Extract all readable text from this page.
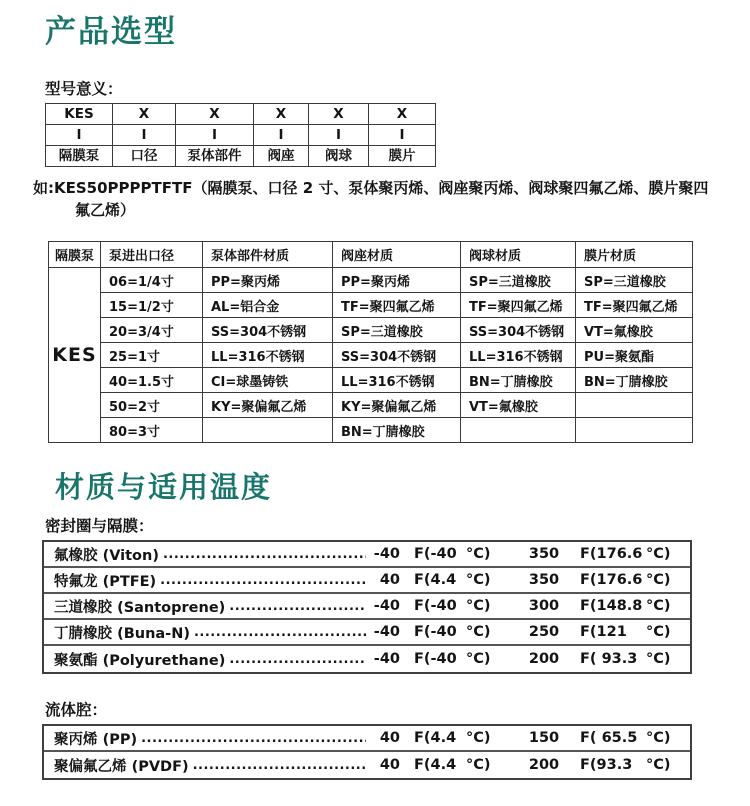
产品选型
型号意义：
KES	X	X	X	X	X
I	I	I	I	I	I
隔膜泵	口径	泵体部件	阀座	阀球	膜片
如:KES50PPPPTFTF（隔膜泵、口径 2 寸、泵体聚丙烯、阀座聚丙烯、阀球聚四氟乙烯、膜片聚四氟乙烯）
隔膜泵	泵进出口径	泵体部件材质	阀座材质	阀球材质	膜片材质
KES	06=1/4寸	PP=聚丙烯	PP=聚丙烯	SP=三道橡胶	SP=三道橡胶
	15=1/2寸	AL=铝合金	TF=聚四氟乙烯	TF=聚四氟乙烯	TF=聚四氟乙烯
	20=3/4寸	SS=304不锈钢	SP=三道橡胶	SS=304不锈钢	VT=氟橡胶
	25=1寸	LL=316不锈钢	SS=304不锈钢	LL=316不锈钢	PU=聚氨酯
	40=1.5寸	CI=球墨铸铁	LL=316不锈钢	BN=丁腈橡胶	BN=丁腈橡胶
	50=2寸	KY=聚偏氟乙烯	KY=聚偏氟乙烯	VT=氟橡胶	
	80=3寸		BN=丁腈橡胶		
材质与适用温度
密封圈与隔膜：
氟橡胶 (Viton) .....	-40 F(-40 °C)	350	F(176.6 °C)
特氟龙 (PTFE) .....	40 F(4.4 °C)	350	F(176.6 °C)
三道橡胶 (Santoprene) .....	-40 F(-40 °C)	300	F(148.8 °C)
丁腈橡胶 (Buna-N) .....	-40 F(-40 °C)	250	F(121	°C)
聚氨酯 (Polyurethane) .....	-40 F(-40 °C)	200	F( 93.3 °C)
流体腔：
聚丙烯 (PP) .....	40 F(4.4 °C)	150	F( 65.5 °C)
聚偏氟乙烯 (PVDF) .....	40 F(4.4 °C)	200	F(93.3 °C)
